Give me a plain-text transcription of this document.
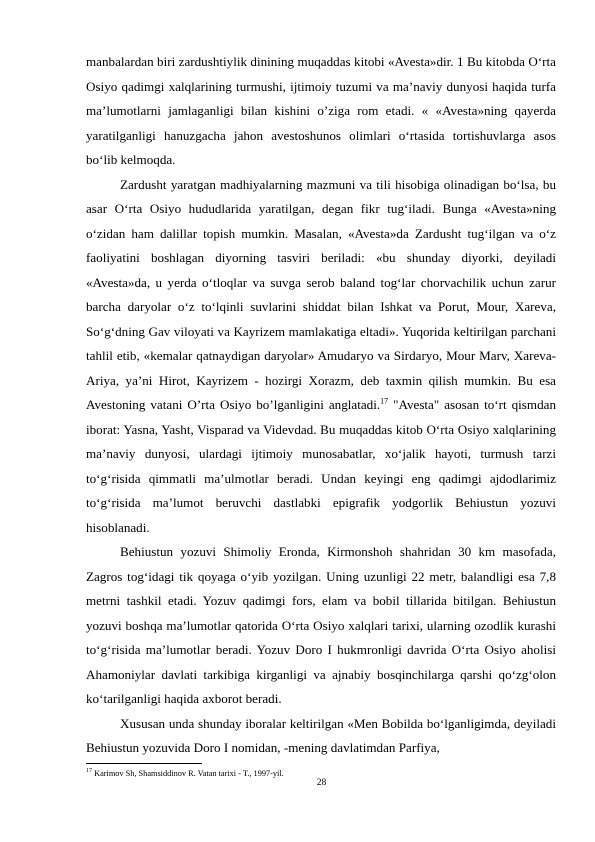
manbalardan biri zardushtiylik dinining muqaddas kitobi «Avesta»dir. 1 Bu kitobda O‘rta Osiyo qadimgi xalqlarining turmushi, ijtimoiy tuzumi va ma’naviy dunyosi haqida turfa ma’lumotlarni jamlaganligi bilan kishini o’ziga rom etadi. « «Avesta»ning qayerda yaratilganligi hanuzgacha jahon avestoshunos olimlari o‘rtasida tortishuvlarga asos bo‘lib kelmoqda.

Zardusht yaratgan madhiyalarning mazmuni va tili hisobiga olinadigan bo‘lsa, bu asar O‘rta Osiyo hududlarida yaratilgan, degan fikr tug‘iladi. Bunga «Avesta»ning o‘zidan ham dalillar topish mumkin. Masalan, «Avesta»da Zardusht tug‘ilgan va o‘z faoliyatini boshlagan diyorning tasviri beriladi: «bu shunday diyorki, deyiladi «Avesta»da, u yerda o‘tloqlar va suvga serob baland tog‘lar chorvachilik uchun zarur barcha daryolar o‘z to‘lqinli suvlarini shiddat bilan Ishkat va Porut, Mour, Xareva, So‘g‘dning Gav viloyati va Kayrizem mamlakatiga eltadi». Yuqorida keltirilgan parchani tahlil etib, «kemalar qatnaydigan daryolar» Amudaryo va Sirdaryo, Mour Marv, Xareva-Ariya, ya’ni Hirot, Kayrizem - hozirgi Xorazm, deb taxmin qilish mumkin. Bu esa Avestoning vatani O’rta Osiyo bo’lganligini anglatadi.$^{17}$ "Avesta" asosan to‘rt qismdan iborat: Yasna, Yasht, Visparad va Videvdad. Bu muqaddas kitob O‘rta Osiyo xalqlarining ma’naviy dunyosi, ulardagi ijtimoiy munosabatlar, xo‘jalik hayoti, turmush tarzi to‘g‘risida qimmatli ma’ulmotlar beradi. Undan keyingi eng qadimgi ajdodlarimiz to‘g‘risida ma’lumot beruvchi dastlabki epigrafik yodgorlik Behiustun yozuvi hisoblanadi.

Behiustun yozuvi Shimoliy Eronda, Kirmonshoh shahridan 30 km masofada, Zagros tog‘idagi tik qoyaga o‘yib yozilgan. Uning uzunligi 22 metr, balandligi esa 7,8 metrni tashkil etadi. Yozuv qadimgi fors, elam va bobil tillarida bitilgan. Behiustun yozuvi boshqa ma’lumotlar qatorida O‘rta Osiyo xalqlari tarixi, ularning ozodlik kurashi to‘g‘risida ma’lumotlar beradi. Yozuv Doro I hukmronligi davrida O‘rta Osiyo aholisi Ahamoniylar davlati tarkibiga kirganligi va ajnabiy bosqinchilarga qarshi qo‘zg‘olon ko‘tarilganligi haqida axborot beradi.

Xususan unda shunday iboralar keltirilgan «Men Bobilda bo‘lganligimda, deyiladi Behiustun yozuvida Doro I nomidan, -mening davlatimdan Parfiya,

$^{17}$ Karimov Sh, Shamsiddinov R. Vatan tarixi - T., 1997-yil.
28
